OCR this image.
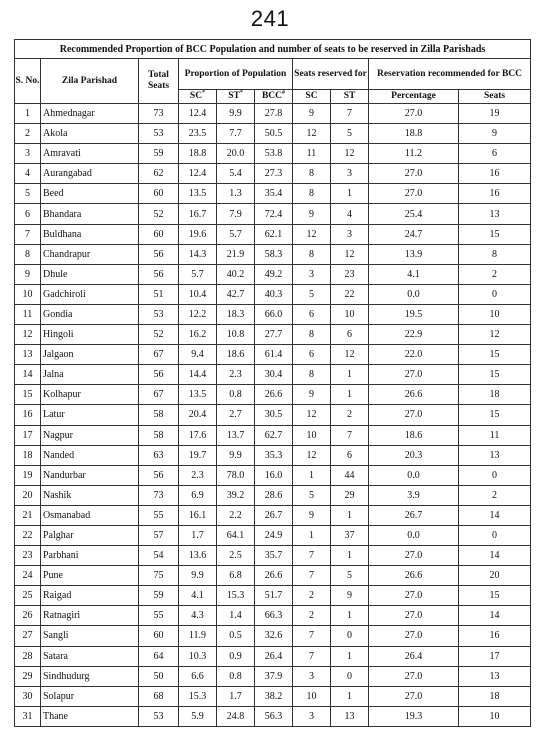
241
Recommended Proportion of BCC Population and number of seats to be reserved in Zilla Parishads									
S. No.	Zila Parishad	Total Seats	Proportion of Population			Seats reserved for		Reservation recommended for BCC	
			SC*	ST*	BCC#	SC	ST	Percentage	Seats
1	Ahmednagar	73	12.4	9.9	27.8	9	7	27.0	19
2	Akola	53	23.5	7.7	50.5	12	5	18.8	9
3	Amravati	59	18.8	20.0	53.8	11	12	11.2	6
4	Aurangabad	62	12.4	5.4	27.3	8	3	27.0	16
5	Beed	60	13.5	1.3	35.4	8	1	27.0	16
6	Bhandara	52	16.7	7.9	72.4	9	4	25.4	13
7	Buldhana	60	19.6	5.7	62.1	12	3	24.7	15
8	Chandrapur	56	14.3	21.9	58.3	8	12	13.9	8
9	Dhule	56	5.7	40.2	49.2	3	23	4.1	2
10	Gadchiroli	51	10.4	42.7	40.3	5	22	0.0	0
11	Gondia	53	12.2	18.3	66.0	6	10	19.5	10
12	Hingoli	52	16.2	10.8	27.7	8	6	22.9	12
13	Jalgaon	67	9.4	18.6	61.4	6	12	22.0	15
14	Jalna	56	14.4	2.3	30.4	8	1	27.0	15
15	Kolhapur	67	13.5	0.8	26.6	9	1	26.6	18
16	Latur	58	20.4	2.7	30.5	12	2	27.0	15
17	Nagpur	58	17.6	13.7	62.7	10	7	18.6	11
18	Nanded	63	19.7	9.9	35.3	12	6	20.3	13
19	Nandurbar	56	2.3	78.0	16.0	1	44	0.0	0
20	Nashik	73	6.9	39.2	28.6	5	29	3.9	2
21	Osmanabad	55	16.1	2.2	26.7	9	1	26.7	14
22	Palghar	57	1.7	64.1	24.9	1	37	0.0	0
23	Parbhani	54	13.6	2.5	35.7	7	1	27.0	14
24	Pune	75	9.9	6.8	26.6	7	5	26.6	20
25	Raigad	59	4.1	15.3	51.7	2	9	27.0	15
26	Ratnagiri	55	4.3	1.4	66.3	2	1	27.0	14
27	Sangli	60	11.9	0.5	32.6	7	0	27.0	16
28	Satara	64	10.3	0.9	26.4	7	1	26.4	17
29	Sindhudurg	50	6.6	0.8	37.9	3	0	27.0	13
30	Solapur	68	15.3	1.7	38.2	10	1	27.0	18
31	Thane	53	5.9	24.8	56.3	3	13	19.3	10
